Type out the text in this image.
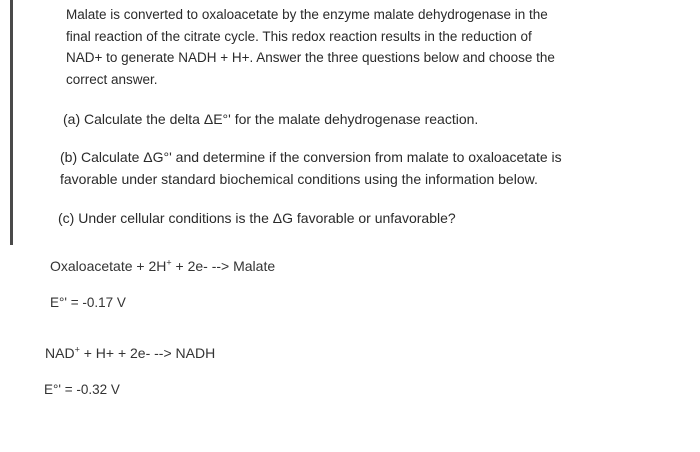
Malate is converted to oxaloacetate by the enzyme malate dehydrogenase in the
final reaction of the citrate cycle. This redox reaction results in the reduction of
NAD+ to generate NADH + H+. Answer the three questions below and choose the
correct answer.

(a) Calculate the delta ΔE°' for the malate dehydrogenase reaction.

(b) Calculate ΔG°' and determine if the conversion from malate to oxaloacetate is
favorable under standard biochemical conditions using the information below.

(c) Under cellular conditions is the ΔG favorable or unfavorable?

Oxaloacetate + 2H+ + 2e- --> Malate

E°' = -0.17 V

NAD+ + H+ + 2e- --> NADH

E°' = -0.32 V
